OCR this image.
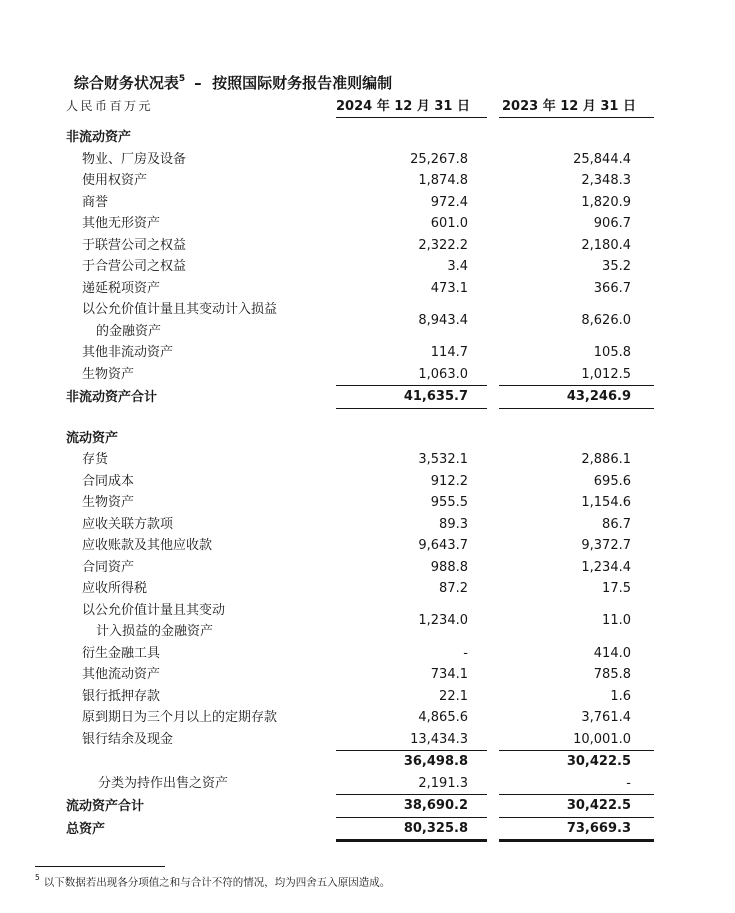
综合财务状况表$^5$ –  按照国际财务报告准则编制

人民币百万元	2024 年 12 月 31 日		2023 年 12 月 31 日

非流动资产			
物业、厂房及设备	25,267.8		25,844.4
使用权资产	1,874.8		2,348.3
商誉	972.4		1,820.9
其他无形资产	601.0		906.7
于联营公司之权益	2,322.2		2,180.4
于合营公司之权益	3.4		35.2
递延税项资产	473.1		366.7

以公允价值计量且其变动计入损益
的金融资产	8,943.4		8,626.0
其他非流动资产	114.7		105.8
生物资产	1,063.0		1,012.5
非流动资产合计	41,635.7		43,246.9

流动资产			
存货	3,532.1		2,886.1
合同成本	912.2		695.6
生物资产	955.5		1,154.6
应收关联方款项	89.3		86.7
应收账款及其他应收款	9,643.7		9,372.7
合同资产	988.8		1,234.4
应收所得税	87.2		17.5

以公允价值计量且其变动
计入损益的金融资产	1,234.0		11.0
衍生金融工具	-		414.0
其他流动资产	734.1		785.8
银行抵押存款	22.1		1.6
原到期日为三个月以上的定期存款	4,865.6		3,761.4
银行结余及现金	13,434.3		10,001.0
	36,498.8		30,422.5
分类为持作出售之资产	2,191.3		-
流动资产合计	38,690.2		30,422.5
总资产	80,325.8		73,669.3
$^5$ 以下数据若出现各分项值之和与合计不符的情况，均为四舍五入原因造成。
